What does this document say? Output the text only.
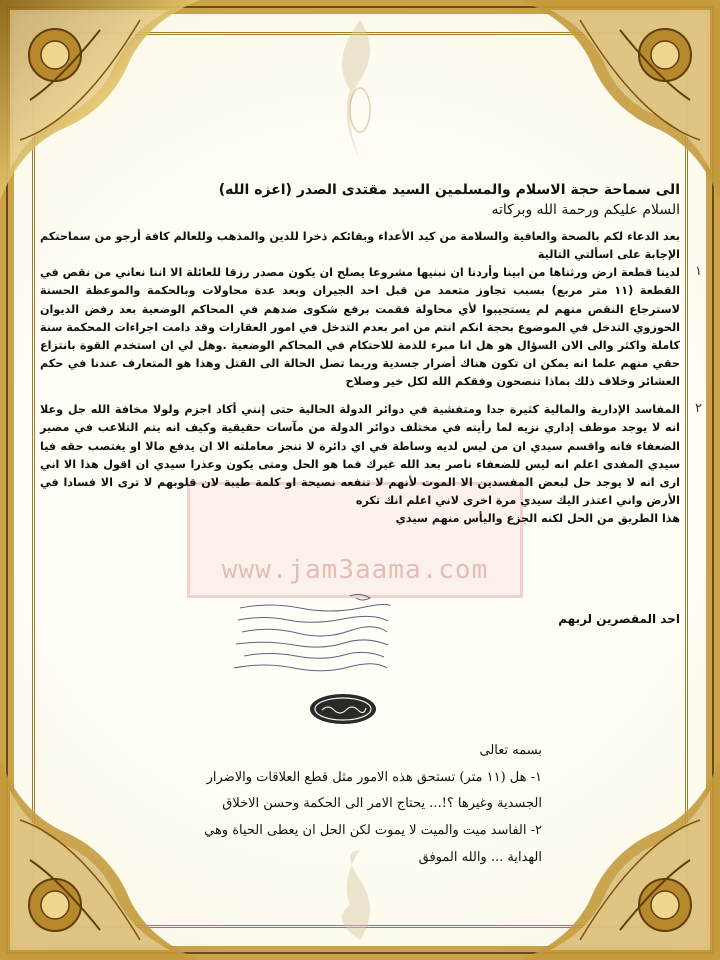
www.jam3aama.com

الى سماحة حجة الاسلام والمسلمين السيد مقتدى الصدر (اعزه الله)

السلام عليكم ورحمة الله وبركاته

بعد الدعاء لكم بالصحة والعافية والسلامة من كيد الأعداء وبقائكم ذخرا للدين والمذهب وللعالم كافة أرجو من سماحتكم الإجابة على اسألتي التالية

١

لدينا قطعة ارض ورثناها من ابينا وأردنا ان نبنيها مشروعا يصلح ان يكون مصدر رزقا للعائلة الا اننا نعاني من نقص في القطعة (١١ متر مربع) بسبب تجاوز متعمد من قبل احد الجيران وبعد عدة محاولات وبالحكمة والموعظة الحسنة لاسترجاع النقص منهم لم يستجيبوا لأي محاولة فقمت برفع شكوى ضدهم في المحاكم الوضعية بعد رفض الديوان الحوزوي التدخل في الموضوع بحجة انكم انتم من امر بعدم التدخل في امور العقارات وقد دامت اجراءات المحكمة سنة كاملة واكثر والى الان السؤال هو هل انا مبرء للذمة للاحتكام في المحاكم الوضعية .وهل لي ان استخدم القوة بانتزاع حقي منهم علما انه يمكن ان تكون هناك أضرار جسدية وربما تصل الحالة الى القتل وهذا هو المتعارف عندنا في حكم العشائر وخلاف ذلك بماذا تنصحون وفقكم الله لكل خير وصلاح

٢

المفاسد الإدارية والمالية كثيرة جدا ومتفشية في دوائر الدولة الحالية حتى إنني أكاد اجزم ولولا مخافة الله جل وعلا انه لا يوجد موظف إداري نزيه لما رأيته في مختلف دوائر الدولة من مآسات حقيقية وكيف انه يتم التلاعب في مصير الضعفاء فانه واقسم سيدي ان من ليس لديه وساطة في اي دائرة لا تنجز معاملته الا ان يدفع مالا او يغتصب حقه فيا سيدي المفدى اعلم انه ليس للضعفاء ناصر بعد الله غيرك فما هو الحل ومتى يكون وعذرا سيدي ان اقول هذا الا اني ارى انه لا يوجد حل لبعض المفسدين الا الموت لأنهم لا تنفعه نصيحة او كلمة طيبة لان قلوبهم لا ترى الا فسادا في الأرض واني اعتذر اليك سيدي مرة اخرى لاني اعلم انك تكره

هذا الطريق من الحل لكنه الجزع واليأس منهم سيدي

احد المقصرين لربهم
بسمه تعالى
١- هل (١١ متر) تستحق هذه الامور مثل قطع العلاقات والاضرار
الجسدية وغيرها ؟!... يحتاج الامر الى الحكمة وحسن الاخلاق
٢- الفاسد ميت والميت لا يموت لكن الحل ان يعطى الحياة وهي
الهداية ... والله الموفق
